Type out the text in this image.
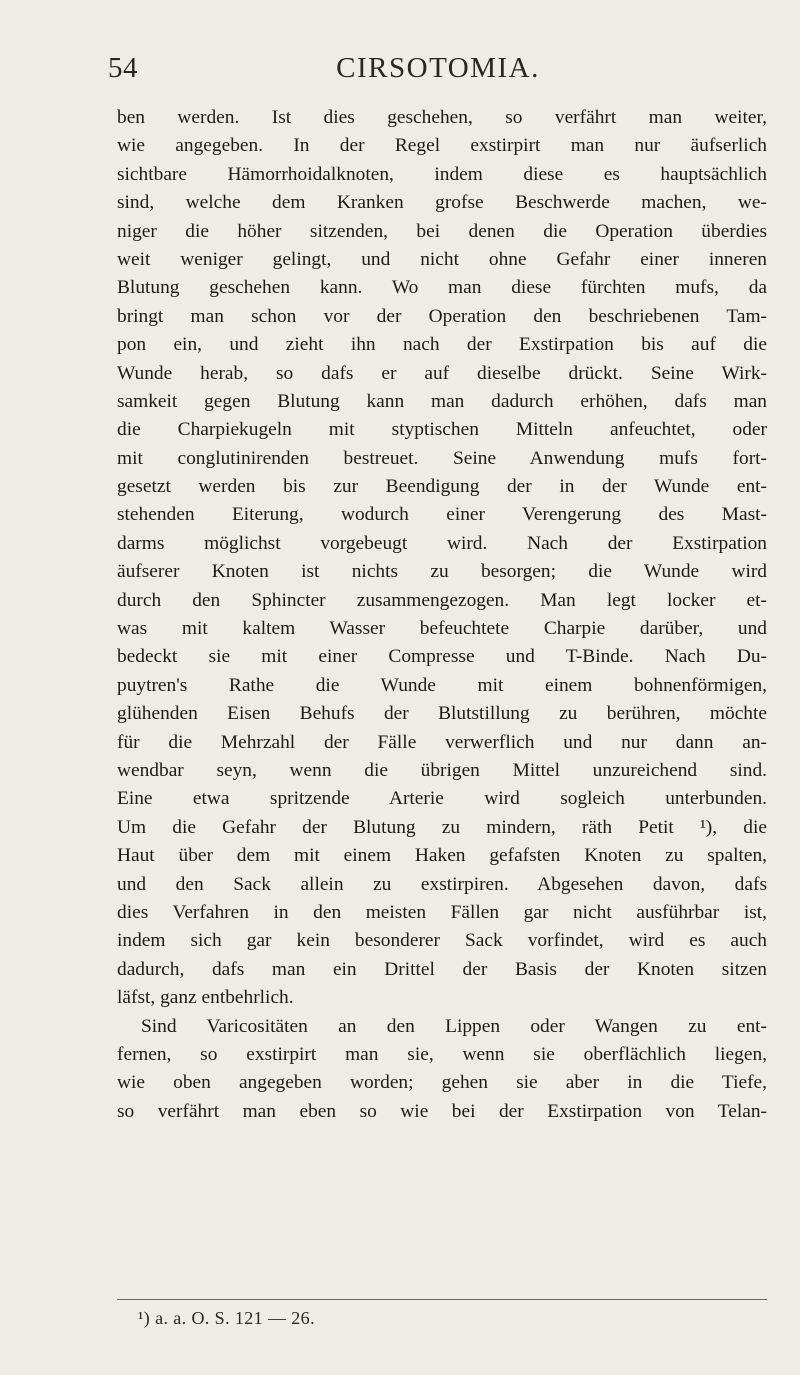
54	CIRSOTOMIA.
ben werden. Ist dies geschehen, so verfährt man weiter,
wie angegeben. In der Regel exstirpirt man nur äufserlich
sichtbare Hämorrhoidalknoten, indem diese es hauptsächlich
sind, welche dem Kranken grofse Beschwerde machen, we-
niger die höher sitzenden, bei denen die Operation überdies
weit weniger gelingt, und nicht ohne Gefahr einer inneren
Blutung geschehen kann. Wo man diese fürchten mufs, da
bringt man schon vor der Operation den beschriebenen Tam-
pon ein, und zieht ihn nach der Exstirpation bis auf die
Wunde herab, so dafs er auf dieselbe drückt. Seine Wirk-
samkeit gegen Blutung kann man dadurch erhöhen, dafs man
die Charpiekugeln mit styptischen Mitteln anfeuchtet, oder
mit conglutinirenden bestreuet. Seine Anwendung mufs fort-
gesetzt werden bis zur Beendigung der in der Wunde ent-
stehenden Eiterung, wodurch einer Verengerung des Mast-
darms möglichst vorgebeugt wird. Nach der Exstirpation
äufserer Knoten ist nichts zu besorgen; die Wunde wird
durch den Sphincter zusammengezogen. Man legt locker et-
was mit kaltem Wasser befeuchtete Charpie darüber, und
bedeckt sie mit einer Compresse und T-Binde. Nach Du-
puytren's Rathe die Wunde mit einem bohnenförmigen,
glühenden Eisen Behufs der Blutstillung zu berühren, möchte
für die Mehrzahl der Fälle verwerflich und nur dann an-
wendbar seyn, wenn die übrigen Mittel unzureichend sind.
Eine etwa spritzende Arterie wird sogleich unterbunden.
Um die Gefahr der Blutung zu mindern, räth Petit ¹), die
Haut über dem mit einem Haken gefafsten Knoten zu spalten,
und den Sack allein zu exstirpiren. Abgesehen davon, dafs
dies Verfahren in den meisten Fällen gar nicht ausführbar ist,
indem sich gar kein besonderer Sack vorfindet, wird es auch
dadurch, dafs man ein Drittel der Basis der Knoten sitzen
läfst, ganz entbehrlich.
Sind Varicositäten an den Lippen oder Wangen zu ent-
fernen, so exstirpirt man sie, wenn sie oberflächlich liegen,
wie oben angegeben worden; gehen sie aber in die Tiefe,
so verfährt man eben so wie bei der Exstirpation von Telan-
¹) a. a. O. S. 121 — 26.
